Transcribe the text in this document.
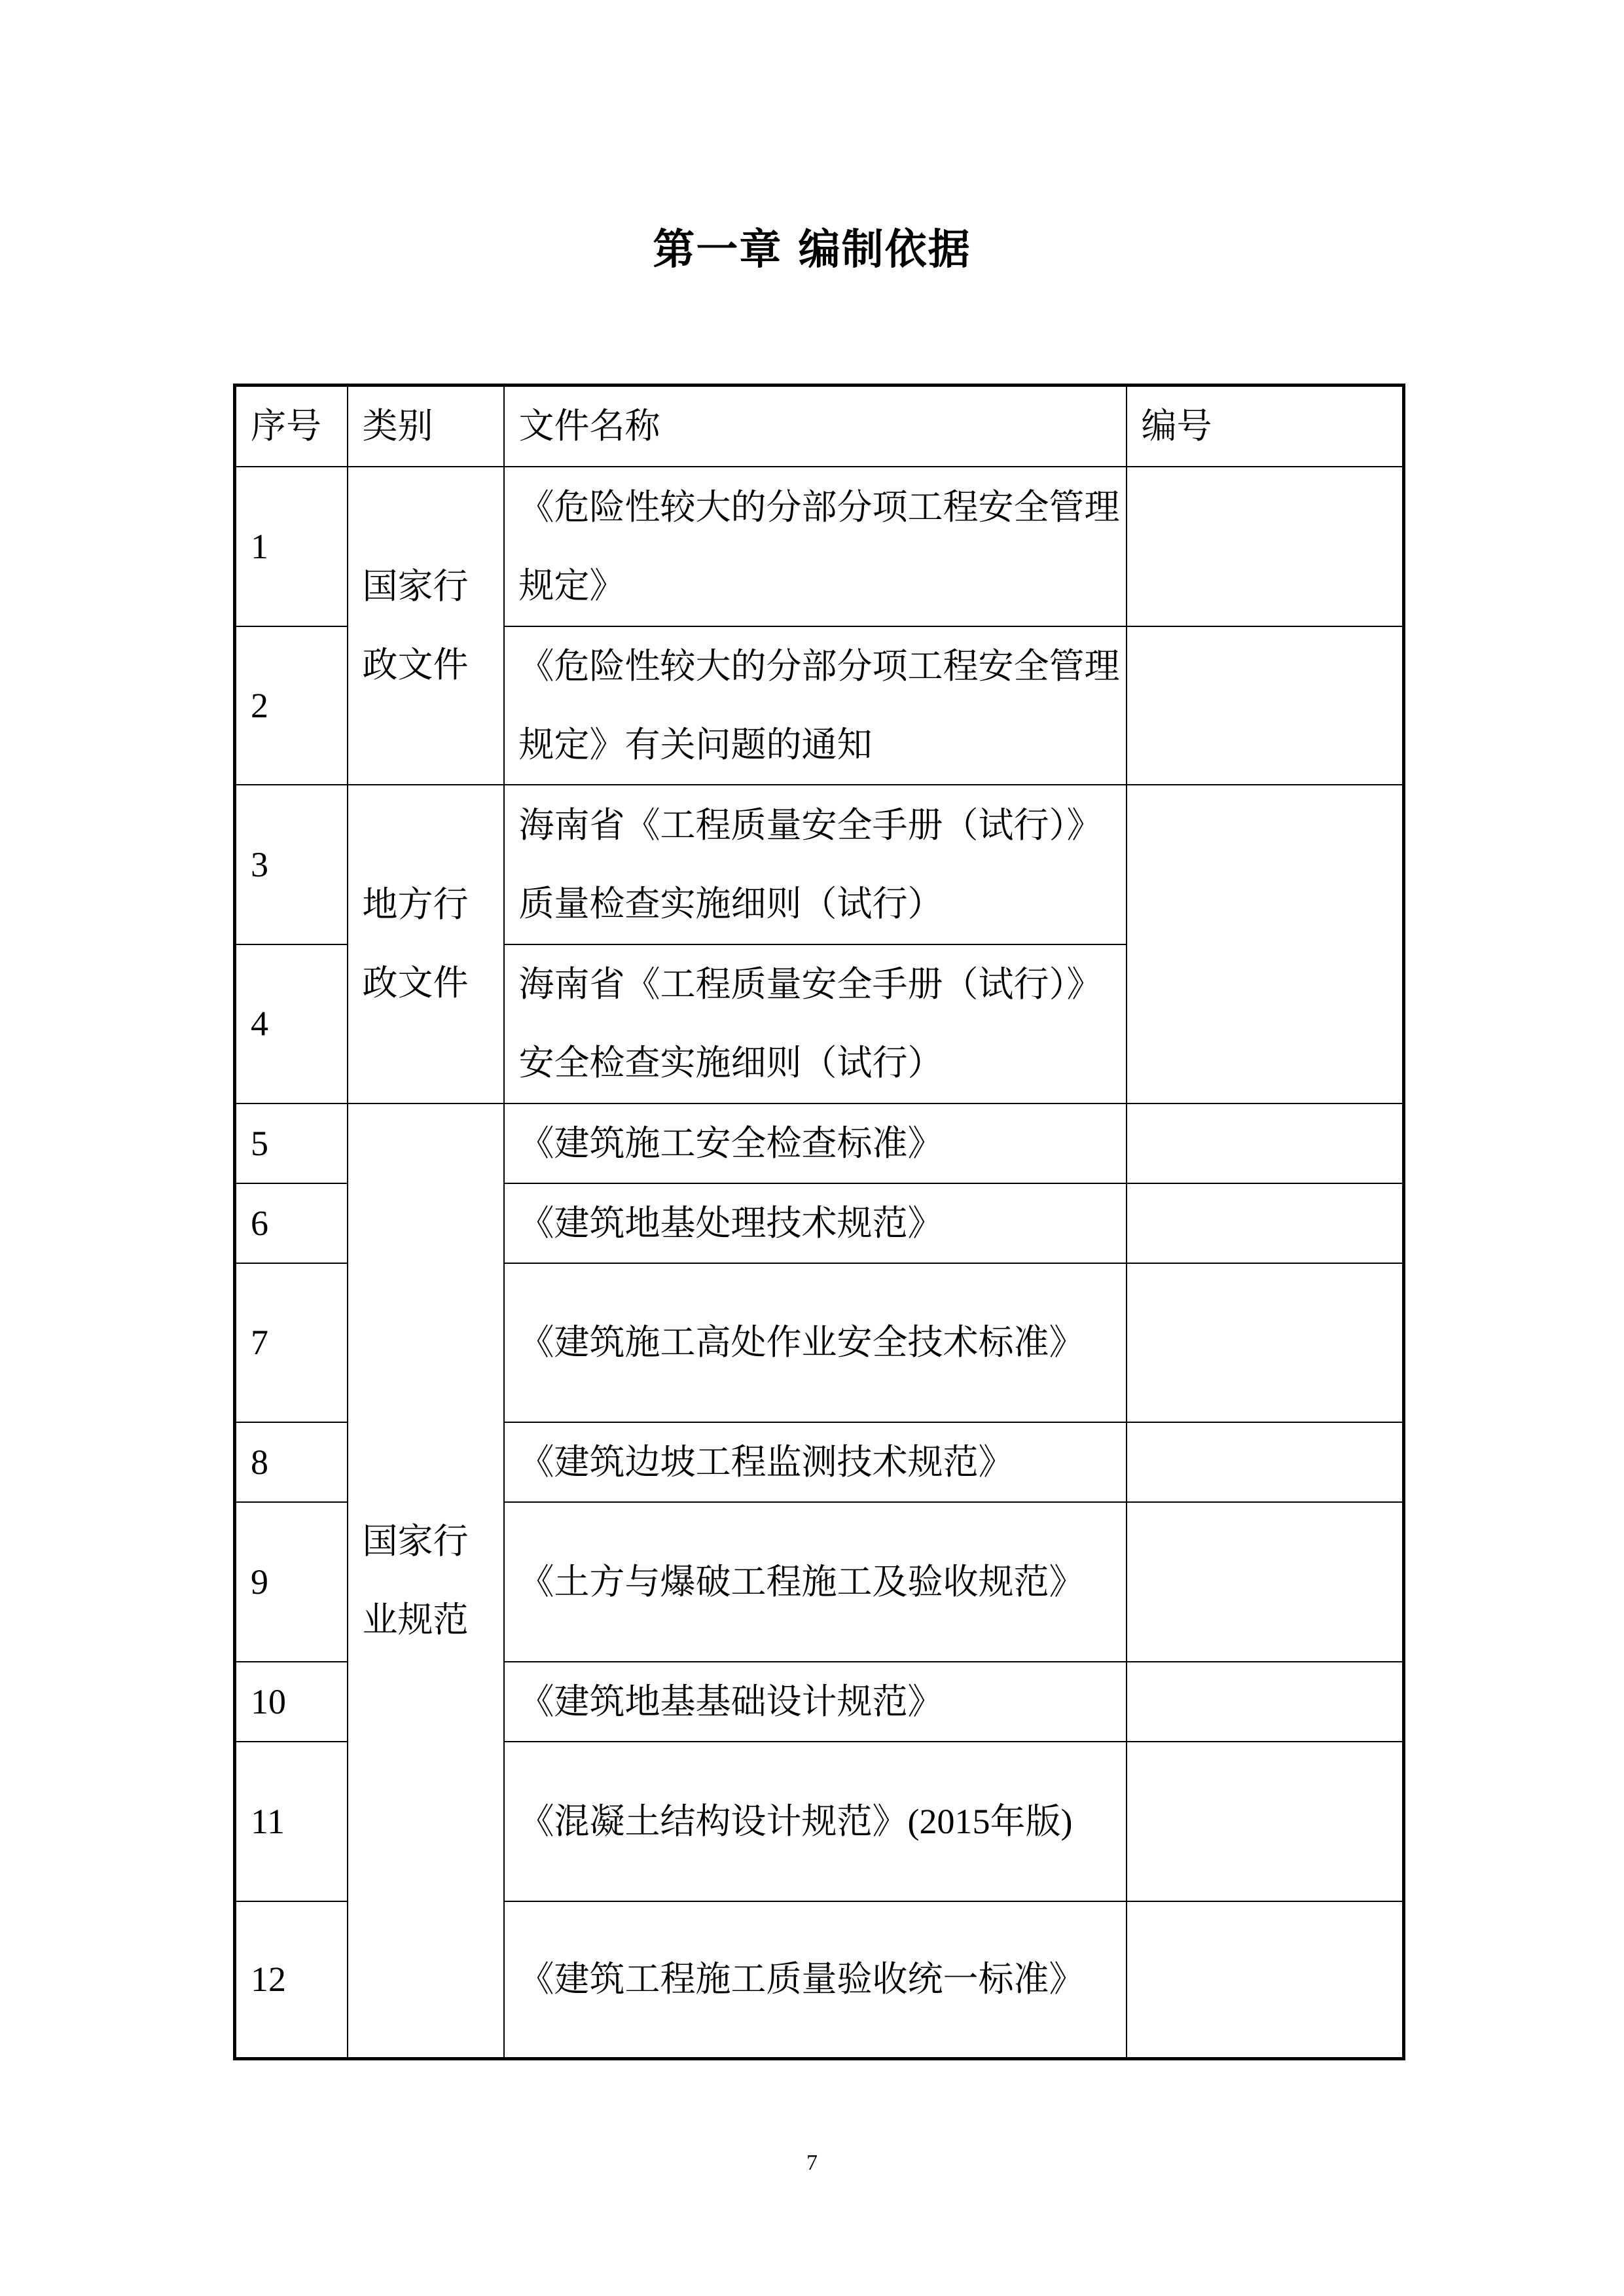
第一章 编制依据
序号	类别	文件名称	编号
1	国家行政文件	《危险性较大的分部分项工程安全管理规定》	
2		《危险性较大的分部分项工程安全管理规定》有关问题的通知	
3	地方行政文件	海南省《工程质量安全手册（试行）》质量检查实施细则（试行）	
4		海南省《工程质量安全手册（试行）》安全检查实施细则（试行）	
5	国家行业规范	《建筑施工安全检查标准》	
6		《建筑地基处理技术规范》	
7		《建筑施工高处作业安全技术标准》	
8		《建筑边坡工程监测技术规范》	
9		《土方与爆破工程施工及验收规范》	
10		《建筑地基基础设计规范》	
11		《混凝土结构设计规范》(2015年版)	
12		《建筑工程施工质量验收统一标准》	
7
